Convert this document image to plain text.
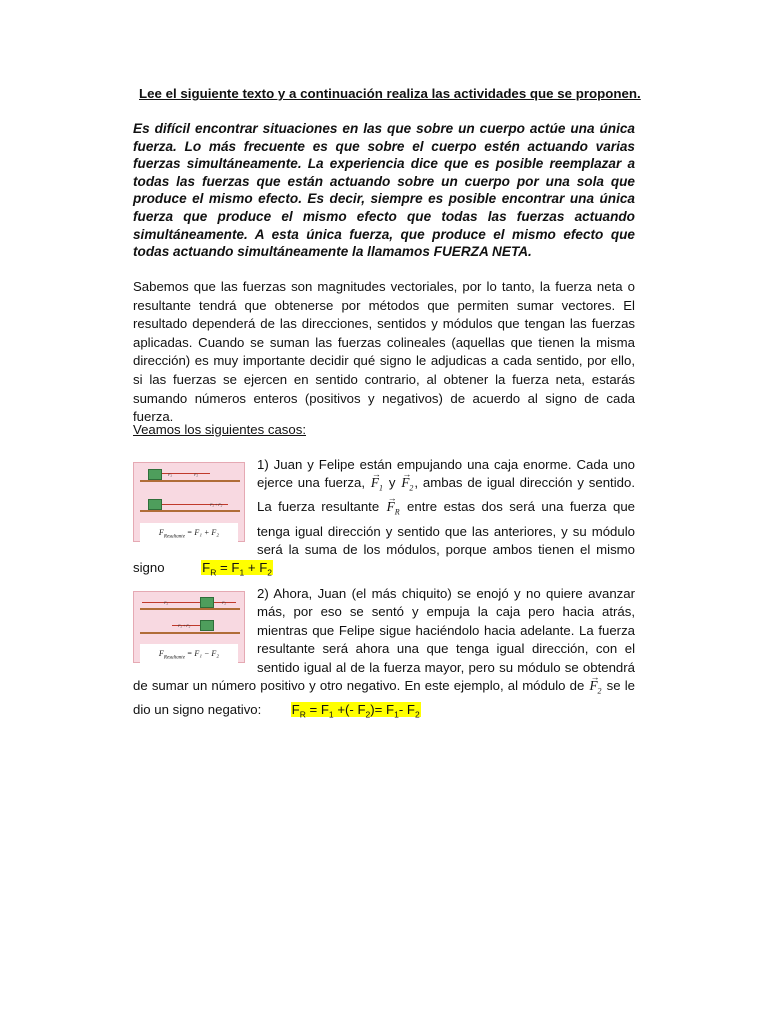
Lee el siguiente texto y a continuación realiza las actividades que se proponen.
Es difícil encontrar situaciones en las que sobre un cuerpo actúe una única fuerza. Lo más frecuente es que sobre el cuerpo estén actuando varias fuerzas simultáneamente. La experiencia dice que es posible reemplazar a todas las fuerzas que están actuando sobre un cuerpo por una sola que produce el mismo efecto. Es decir, siempre es posible encontrar una única fuerza que produce el mismo efecto que todas las fuerzas actuando simultáneamente. A esta única fuerza, que produce el mismo efecto que todas actuando simultáneamente la llamamos FUERZA NETA.
Sabemos que las fuerzas son magnitudes vectoriales, por lo tanto, la fuerza neta o resultante tendrá que obtenerse por métodos que permiten sumar vectores. El resultado dependerá de las direcciones, sentidos y módulos que tengan las fuerzas aplicadas. Cuando se suman las fuerzas colineales (aquellas que tienen la misma dirección) es muy importante decidir qué signo le adjudicas a cada sentido, por ello, si las fuerzas se ejercen en sentido contrario, al obtener la fuerza neta, estarás sumando números enteros (positivos y negativos) de acuerdo al signo de cada fuerza.
Veamos los siguientes casos:
F₁	F₂
F₁ + F₂
$F_{Resultante} = F_1 + F_2$
1) Juan y Felipe están empujando una caja enorme. Cada uno ejerce una fuerza, → $F_1$ $y \to F_2$, ambas de igual dirección y sentido. La fuerza resultante → $F_R$ entre estas dos será una fuerza que tenga igual dirección y sentido que las anteriores, y su módulo será la suma de los módulos, porque ambos tienen el mismo signo	$F_R = F_1 + F_2$
F₁	F₂
F₁ + F₂
$F_{Resultante} = F_1 - F_2$
2) Ahora, Juan (el más chiquito) se enojó y no quiere avanzar más, por eso se sentó y empuja la caja pero hacia atrás, mientras que Felipe sigue haciéndolo hacia adelante. La fuerza resultante será ahora una que tenga igual dirección, con el sentido igual al de la fuerza mayor, pero su módulo se obtendrá de sumar un número positivo y otro negativo. En este ejemplo, al módulo de → $F_2$ se le dio un signo negativo: $F_R = F_1$ +(- $F_2)= F_1-$ $F_2$
